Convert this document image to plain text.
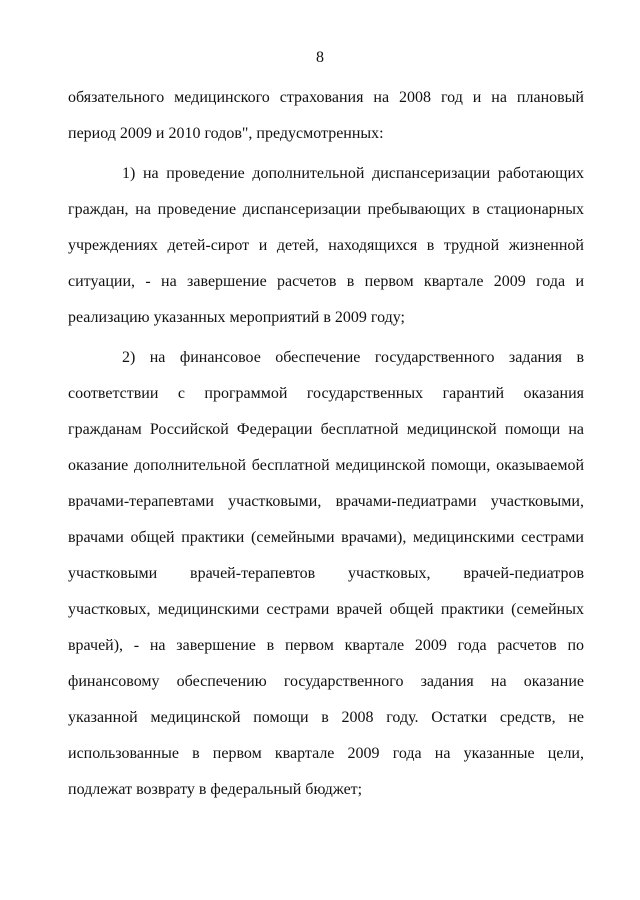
8
обязательного медицинского страхования на 2008 год и на плановый
период 2009 и 2010 годов", предусмотренных:
1) на проведение дополнительной диспансеризации работающих
граждан, на проведение диспансеризации пребывающих в стационарных
учреждениях детей-сирот и детей, находящихся в трудной жизненной
ситуации, - на завершение расчетов в первом квартале 2009 года и
реализацию указанных мероприятий в 2009 году;
2) на финансовое обеспечение государственного задания в
соответствии с программой государственных гарантий оказания
гражданам Российской Федерации бесплатной медицинской помощи на
оказание дополнительной бесплатной медицинской помощи, оказываемой
врачами-терапевтами участковыми, врачами-педиатрами участковыми,
врачами общей практики (семейными врачами), медицинскими сестрами
участковыми врачей-терапевтов участковых, врачей-педиатров
участковых, медицинскими сестрами врачей общей практики (семейных
врачей), - на завершение в первом квартале 2009 года расчетов по
финансовому обеспечению государственного задания на оказание
указанной медицинской помощи в 2008 году. Остатки средств, не
использованные в первом квартале 2009 года на указанные цели,
подлежат возврату в федеральный бюджет;
